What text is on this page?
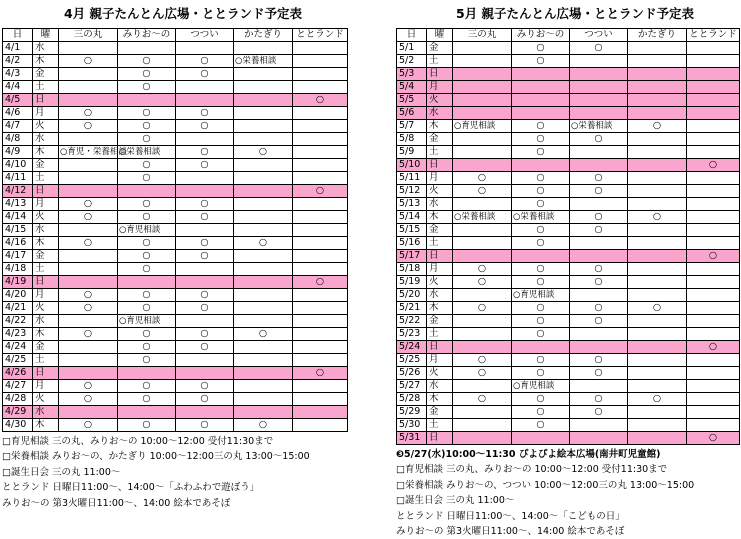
4月 親子たんとん広場・ととランド予定表
日	曜	三の丸	みりお～の	つつい	かたぎり	ととランド
4/1	水					
4/2	木	○	○	○	○栄養相談	
4/3	金		○	○		
4/4	土		○			
4/5	日					○
4/6	月	○	○	○		
4/7	火	○	○	○		
4/8	水		○			
4/9	木	○育児・栄養相談	○栄養相談	○	○	
4/10	金		○	○		
4/11	土		○			
4/12	日					○
4/13	月	○	○	○		
4/14	火	○	○	○		
4/15	水		○育児相談			
4/16	木	○	○	○	○	
4/17	金		○	○		
4/18	土		○			
4/19	日					○
4/20	月	○	○	○		
4/21	火	○	○	○		
4/22	水		○育児相談			
4/23	木	○	○	○	○	
4/24	金		○	○		
4/25	土		○			
4/26	日					○
4/27	月	○	○	○		
4/28	火	○	○	○		
4/29	水					
4/30	木	○	○	○	○	
□育児相談 三の丸、みりお～の 10:00～12:00 受付11:30まで
□栄養相談 みりお～の、かたぎり 10:00～12:00三の丸 13:00～15:00
□誕生日会 三の丸 11:00～
ととランド 日曜日11:00～、14:00～「ふわふわで遊ぼう」
みりお～の 第3火曜日11:00～、14:00 絵本であそぼ
5月 親子たんとん広場・ととランド予定表
日	曜	三の丸	みりお～の	つつい	かたぎり	ととランド
5/1	金		○	○		
5/2	土		○			
5/3	日					
5/4	月					
5/5	火					
5/6	水					
5/7	木	○育児相談	○	○栄養相談	○	
5/8	金		○	○		
5/9	土		○			
5/10	日					○
5/11	月	○	○	○		
5/12	火	○	○	○		
5/13	水		○			
5/14	木	○栄養相談	○栄養相談	○	○	
5/15	金		○	○		
5/16	土		○			
5/17	日					○
5/18	月	○	○	○		
5/19	火	○	○	○		
5/20	水		○育児相談			
5/21	木	○	○	○	○	
5/22	金		○	○		
5/23	土		○			
5/24	日					○
5/25	月	○	○	○		
5/26	火	○	○	○		
5/27	水		○育児相談			
5/28	木	○	○	○	○	
5/29	金		○	○		
5/30	土		○			
5/31	日					○
❸5/27(水)10:00～11:30 ぴよぴよ絵本広場(南井町児童館)
□育児相談 三の丸、みりお～の 10:00～12:00 受付11:30まで
□栄養相談 みりお～の、つつい 10:00～12:00三の丸 13:00～15:00
□誕生日会 三の丸 11:00～
ととランド 日曜日11:00～、14:00～「こどもの日」
みりお～の 第3火曜日11:00～、14:00 絵本であそぼ
